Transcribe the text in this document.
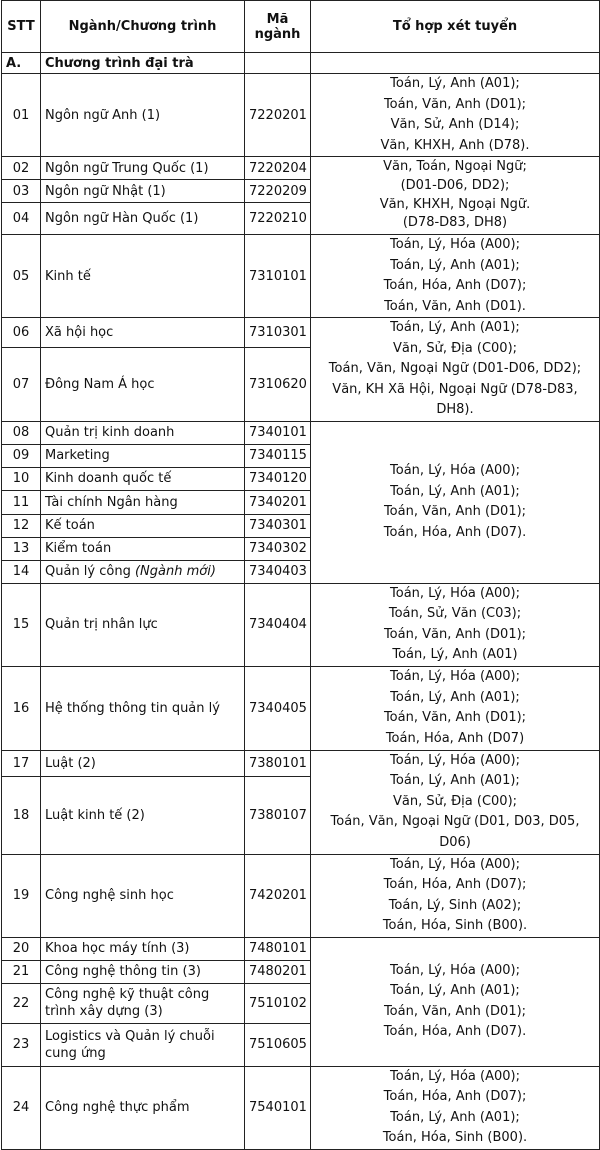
STT	Ngành/Chương trình	Mã
ngành	Tổ hợp xét tuyển
A.	Chương trình đại trà		
01	Ngôn ngữ Anh (1)	7220201	Toán, Lý, Anh (A01);
Toán, Văn, Anh (D01);
Văn, Sử, Anh (D14);
Văn, KHXH, Anh (D78).

02	Ngôn ngữ Trung Quốc (1)	7220204	Văn, Toán, Ngoại Ngữ;
(D01-D06, DD2);
Văn, KHXH, Ngoại Ngữ.
(D78-D83, DH8)

03	Ngôn ngữ Nhật (1)	7220209	
04	Ngôn ngữ Hàn Quốc (1)	7220210	
05	Kinh tế	7310101	Toán, Lý, Hóa (A00);
Toán, Lý, Anh (A01);
Toán, Hóa, Anh (D07);
Toán, Văn, Anh (D01).

06	Xã hội học	7310301	Toán, Lý, Anh (A01);
Văn, Sử, Địa (C00);
Toán, Văn, Ngoại Ngữ (D01-D06, DD2);
Văn, KH Xã Hội, Ngoại Ngữ (D78-D83,
DH8).

07	Đông Nam Á học	7310620	
08	Quản trị kinh doanh	7340101	Toán, Lý, Hóa (A00);
Toán, Lý, Anh (A01);
Toán, Văn, Anh (D01);
Toán, Hóa, Anh (D07).

09	Marketing	7340115	
10	Kinh doanh quốc tế	7340120	
11	Tài chính Ngân hàng	7340201	
12	Kế toán	7340301	
13	Kiểm toán	7340302	
14	Quản lý công (Ngành mới)	7340403	
15	Quản trị nhân lực	7340404	Toán, Lý, Hóa (A00);
Toán, Sử, Văn (C03);
Toán, Văn, Anh (D01);
Toán, Lý, Anh (A01)

16	Hệ thống thông tin quản lý	7340405	Toán, Lý, Hóa (A00);
Toán, Lý, Anh (A01);
Toán, Văn, Anh (D01);
Toán, Hóa, Anh (D07)

17	Luật (2)	7380101	Toán, Lý, Hóa (A00);
Toán, Lý, Anh (A01);
Văn, Sử, Địa (C00);
Toán, Văn, Ngoại Ngữ (D01, D03, D05,
D06)

18	Luật kinh tế (2)	7380107	
19	Công nghệ sinh học	7420201	Toán, Lý, Hóa (A00);
Toán, Hóa, Anh (D07);
Toán, Lý, Sinh (A02);
Toán, Hóa, Sinh (B00).

20	Khoa học máy tính (3)	7480101	Toán, Lý, Hóa (A00);
Toán, Lý, Anh (A01);
Toán, Văn, Anh (D01);
Toán, Hóa, Anh (D07).

21	Công nghệ thông tin (3)	7480201	
22	Công nghệ kỹ thuật công trình xây dựng (3)	7510102	
23	Logistics và Quản lý chuỗi cung ứng	7510605	
24	Công nghệ thực phẩm	7540101	Toán, Lý, Hóa (A00);
Toán, Hóa, Anh (D07);
Toán, Lý, Anh (A01);
Toán, Hóa, Sinh (B00).
